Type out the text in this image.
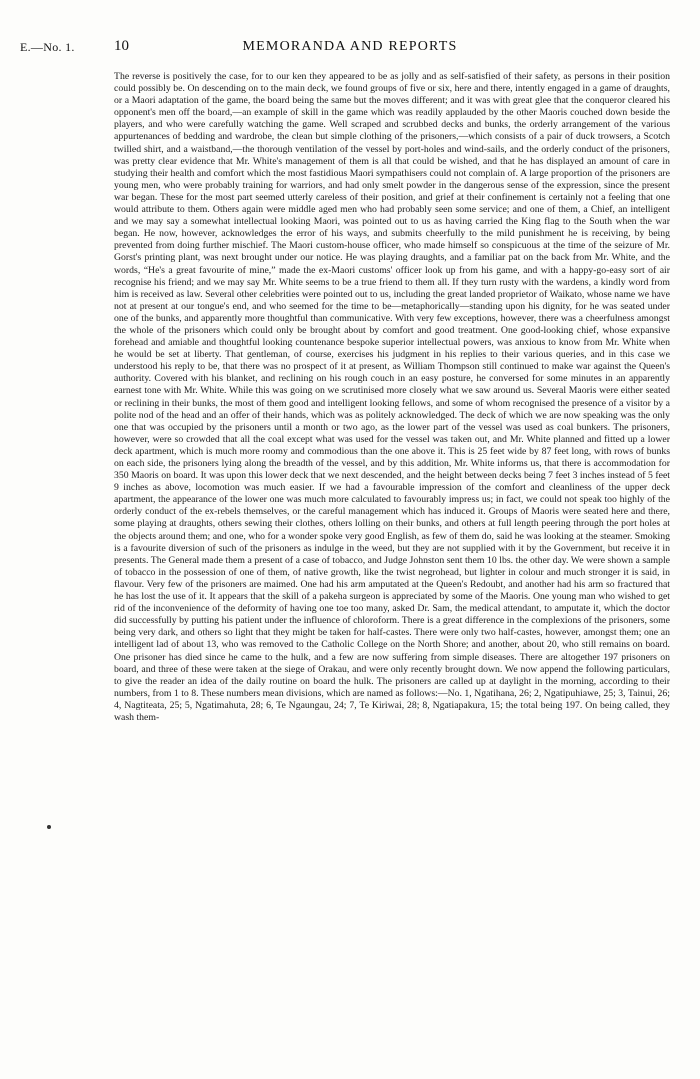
E.—No. 1.	10	MEMORANDA AND REPORTS

The reverse is positively the case, for to our ken they appeared to be as jolly and as self-satisfied of their safety, as persons in their position could possibly be. On descending on to the main deck, we found groups of five or six, here and there, intently engaged in a game of draughts, or a Maori adaptation of the game, the board being the same but the moves different; and it was with great glee that the conqueror cleared his opponent's men off the board,—an example of skill in the game which was readily applauded by the other Maoris couched down beside the players, and who were carefully watching the game. Well scraped and scrubbed decks and bunks, the orderly arrangement of the various appurtenances of bedding and wardrobe, the clean but simple clothing of the prisoners,—which consists of a pair of duck trowsers, a Scotch twilled shirt, and a waistband,—the thorough ventilation of the vessel by port-holes and wind-sails, and the orderly conduct of the prisoners, was pretty clear evidence that Mr. White's management of them is all that could be wished, and that he has displayed an amount of care in studying their health and comfort which the most fastidious Maori sympathisers could not complain of. A large proportion of the prisoners are young men, who were probably training for warriors, and had only smelt powder in the dangerous sense of the expression, since the present war began. These for the most part seemed utterly careless of their position, and grief at their confinement is certainly not a feeling that one would attribute to them. Others again were middle aged men who had probably seen some service; and one of them, a Chief, an intelligent and we may say a somewhat intellectual looking Maori, was pointed out to us as having carried the King flag to the South when the war began. He now, however, acknowledges the error of his ways, and submits cheerfully to the mild punishment he is receiving, by being prevented from doing further mischief. The Maori custom-house officer, who made himself so conspicuous at the time of the seizure of Mr. Gorst's printing plant, was next brought under our notice. He was playing draughts, and a familiar pat on the back from Mr. White, and the words, “He's a great favourite of mine,” made the ex-Maori customs' officer look up from his game, and with a happy-go-easy sort of air recognise his friend; and we may say Mr. White seems to be a true friend to them all. If they turn rusty with the wardens, a kindly word from him is received as law. Several other celebrities were pointed out to us, including the great landed proprietor of Waikato, whose name we have not at present at our tongue's end, and who seemed for the time to be—metaphorically—standing upon his dignity, for he was seated under one of the bunks, and apparently more thoughtful than communicative. With very few exceptions, however, there was a cheerfulness amongst the whole of the prisoners which could only be brought about by comfort and good treatment. One good-looking chief, whose expansive forehead and amiable and thoughtful looking countenance bespoke superior intellectual powers, was anxious to know from Mr. White when he would be set at liberty. That gentleman, of course, exercises his judgment in his replies to their various queries, and in this case we understood his reply to be, that there was no prospect of it at present, as William Thompson still continued to make war against the Queen's authority. Covered with his blanket, and reclining on his rough couch in an easy posture, he conversed for some minutes in an apparently earnest tone with Mr. White. While this was going on we scrutinised more closely what we saw around us. Several Maoris were either seated or reclining in their bunks, the most of them good and intelligent looking fellows, and some of whom recognised the presence of a visitor by a polite nod of the head and an offer of their hands, which was as politely acknowledged. The deck of which we are now speaking was the only one that was occupied by the prisoners until a month or two ago, as the lower part of the vessel was used as coal bunkers. The prisoners, however, were so crowded that all the coal except what was used for the vessel was taken out, and Mr. White planned and fitted up a lower deck apartment, which is much more roomy and commodious than the one above it. This is 25 feet wide by 87 feet long, with rows of bunks on each side, the prisoners lying along the breadth of the vessel, and by this addition, Mr. White informs us, that there is accommodation for 350 Maoris on board. It was upon this lower deck that we next descended, and the height between decks being 7 feet 3 inches instead of 5 feet 9 inches as above, locomotion was much easier. If we had a favourable impression of the comfort and cleanliness of the upper deck apartment, the appearance of the lower one was much more calculated to favourably impress us; in fact, we could not speak too highly of the orderly conduct of the ex-rebels themselves, or the careful management which has induced it. Groups of Maoris were seated here and there, some playing at draughts, others sewing their clothes, others lolling on their bunks, and others at full length peering through the port holes at the objects around them; and one, who for a wonder spoke very good English, as few of them do, said he was looking at the steamer. Smoking is a favourite diversion of such of the prisoners as indulge in the weed, but they are not supplied with it by the Government, but receive it in presents. The General made them a present of a case of tobacco, and Judge Johnston sent them 10 lbs. the other day. We were shown a sample of tobacco in the possession of one of them, of native growth, like the twist negrohead, but lighter in colour and much stronger it is said, in flavour. Very few of the prisoners are maimed. One had his arm amputated at the Queen's Redoubt, and another had his arm so fractured that he has lost the use of it. It appears that the skill of a pakeha surgeon is appreciated by some of the Maoris. One young man who wished to get rid of the inconvenience of the deformity of having one toe too many, asked Dr. Sam, the medical attendant, to amputate it, which the doctor did successfully by putting his patient under the influence of chloroform. There is a great difference in the complexions of the prisoners, some being very dark, and others so light that they might be taken for half-castes. There were only two half-castes, however, amongst them; one an intelligent lad of about 13, who was removed to the Catholic College on the North Shore; and another, about 20, who still remains on board. One prisoner has died since he came to the hulk, and a few are now suffering from simple diseases. There are altogether 197 prisoners on board, and three of these were taken at the siege of Orakau, and were only recently brought down. We now append the following particulars, to give the reader an idea of the daily routine on board the hulk. The prisoners are called up at daylight in the morning, according to their numbers, from 1 to 8. These numbers mean divisions, which are named as follows:—No. 1, Ngatihana, 26; 2, Ngatipuhiawe, 25; 3, Tainui, 26; 4, Nagtiteata, 25; 5, Ngatimahuta, 28; 6, Te Ngaungau, 24; 7, Te Kiriwai, 28; 8, Ngatiapakura, 15; the total being 197. On being called, they wash them-
